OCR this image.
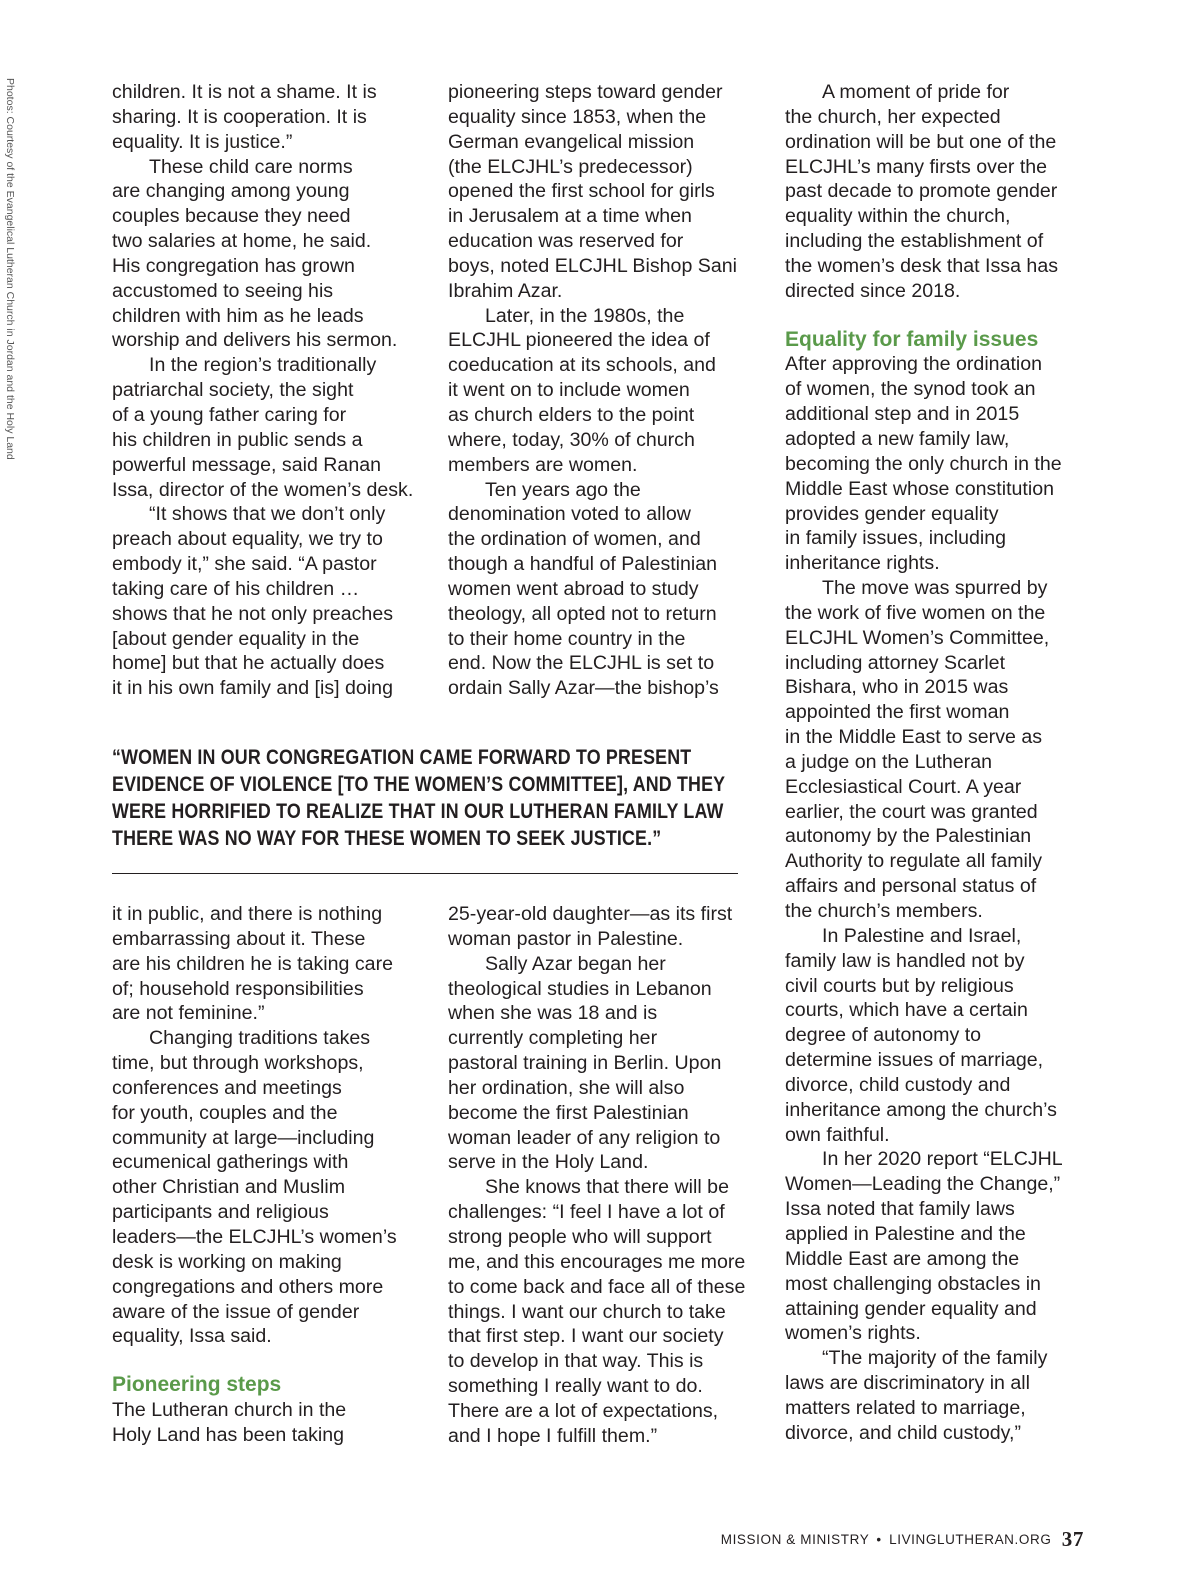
Photos: Courtesy of the Evangelical Lutheran Church in Jordan and the Holy Land	children. It is not a shame. It is
sharing. It is cooperation. It is
equality. It is justice.”

These child care norms
are changing among young
couples because they need
two salaries at home, he said.
His congregation has grown
accustomed to seeing his
children with him as he leads
worship and delivers his sermon.

In the region’s traditionally
patriarchal society, the sight
of a young father caring for
his children in public sends a
powerful message, said Ranan
Issa, director of the women’s desk.

“It shows that we don’t only
preach about equality, we try to
embody it,” she said. “A pastor
taking care of his children …
shows that he not only preaches
[about gender equality in the
home] but that he actually does
it in his own family and [is] doing

pioneering steps toward gender
equality since 1853, when the
German evangelical mission
(the ELCJHL’s predecessor)
opened the first school for girls
in Jerusalem at a time when
education was reserved for
boys, noted ELCJHL Bishop Sani
Ibrahim Azar.

Later, in the 1980s, the
ELCJHL pioneered the idea of
coeducation at its schools, and
it went on to include women
as church elders to the point
where, today, 30% of church
members are women.

Ten years ago the
denomination voted to allow
the ordination of women, and
though a handful of Palestinian
women went abroad to study
theology, all opted not to return
to their home country in the
end. Now the ELCJHL is set to
ordain Sally Azar—the bishop’s

A moment of pride for
the church, her expected
ordination will be but one of the
ELCJHL’s many firsts over the
past decade to promote gender
equality within the church,
including the establishment of
the women’s desk that Issa has
directed since 2018.

Equality for family issues

After approving the ordination
of women, the synod took an
additional step and in 2015
adopted a new family law,
becoming the only church in the
Middle East whose constitution
provides gender equality
in family issues, including
inheritance rights.

The move was spurred by
the work of five women on the
ELCJHL Women’s Committee,
including attorney Scarlet
Bishara, who in 2015 was
appointed the first woman
in the Middle East to serve as
a judge on the Lutheran
Ecclesiastical Court. A year
earlier, the court was granted
autonomy by the Palestinian
Authority to regulate all family
affairs and personal status of
the church’s members.

In Palestine and Israel,
family law is handled not by
civil courts but by religious
courts, which have a certain
degree of autonomy to
determine issues of marriage,
divorce, child custody and
inheritance among the church’s
own faithful.

In her 2020 report “ELCJHL
Women—Leading the Change,”
Issa noted that family laws
applied in Palestine and the
Middle East are among the
most challenging obstacles in
attaining gender equality and
women’s rights.

“The majority of the family
laws are discriminatory in all
matters related to marriage,
divorce, and child custody,”

“WOMEN IN OUR CONGREGATION CAME FORWARD TO PRESENT
EVIDENCE OF VIOLENCE [TO THE WOMEN’S COMMITTEE], AND THEY
WERE HORRIFIED TO REALIZE THAT IN OUR LUTHERAN FAMILY LAW
THERE WAS NO WAY FOR THESE WOMEN TO SEEK JUSTICE.”

it in public, and there is nothing
embarrassing about it. These
are his children he is taking care
of; household responsibilities
are not feminine.”

Changing traditions takes
time, but through workshops,
conferences and meetings
for youth, couples and the
community at large—including
ecumenical gatherings with
other Christian and Muslim
participants and religious
leaders—the ELCJHL’s women’s
desk is working on making
congregations and others more
aware of the issue of gender
equality, Issa said.

Pioneering steps

The Lutheran church in the
Holy Land has been taking

25-year-old daughter—as its first
woman pastor in Palestine.

Sally Azar began her
theological studies in Lebanon
when she was 18 and is
currently completing her
pastoral training in Berlin. Upon
her ordination, she will also
become the first Palestinian
woman leader of any religion to
serve in the Holy Land.

She knows that there will be
challenges: “I feel I have a lot of
strong people who will support
me, and this encourages me more
to come back and face all of these
things. I want our church to take
that first step. I want our society
to develop in that way. This is
something I really want to do.
There are a lot of expectations,
and I hope I fulfill them.”

MISSION & MINISTRY • LIVINGLUTHERAN.ORG 37
